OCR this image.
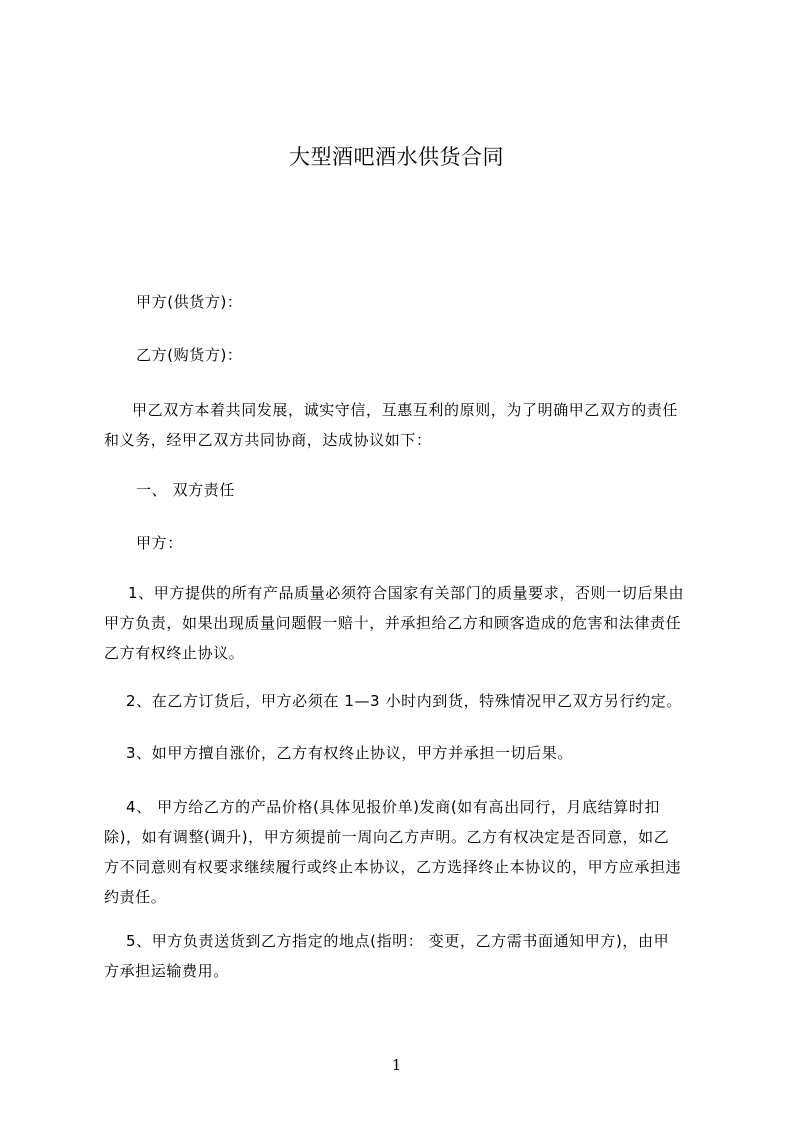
大型酒吧酒水供货合同
甲方(供货方)：
乙方(购货方)：
甲乙双方本着共同发展，诚实守信，互惠互利的原则，为了明确甲乙双方的责任
和义务，经甲乙双方共同协商，达成协议如下：
一、 双方责任
甲方：
1、甲方提供的所有产品质量必须符合国家有关部门的质量要求，否则一切后果由
甲方负责，如果出现质量问题假一赔十，并承担给乙方和顾客造成的危害和法律责任
乙方有权终止协议。
2、在乙方订货后，甲方必须在 1—3 小时内到货，特殊情况甲乙双方另行约定。
3、如甲方擅自涨价，乙方有权终止协议，甲方并承担一切后果。
4、 甲方给乙方的产品价格(具体见报价单)发商(如有高出同行，月底结算时扣
除)，如有调整(调升)，甲方须提前一周向乙方声明。乙方有权决定是否同意，如乙
方不同意则有权要求继续履行或终止本协议，乙方选择终止本协议的，甲方应承担违
约责任。
5、甲方负责送货到乙方指定的地点(指明： 变更，乙方需书面通知甲方)，由甲
方承担运输费用。
1
